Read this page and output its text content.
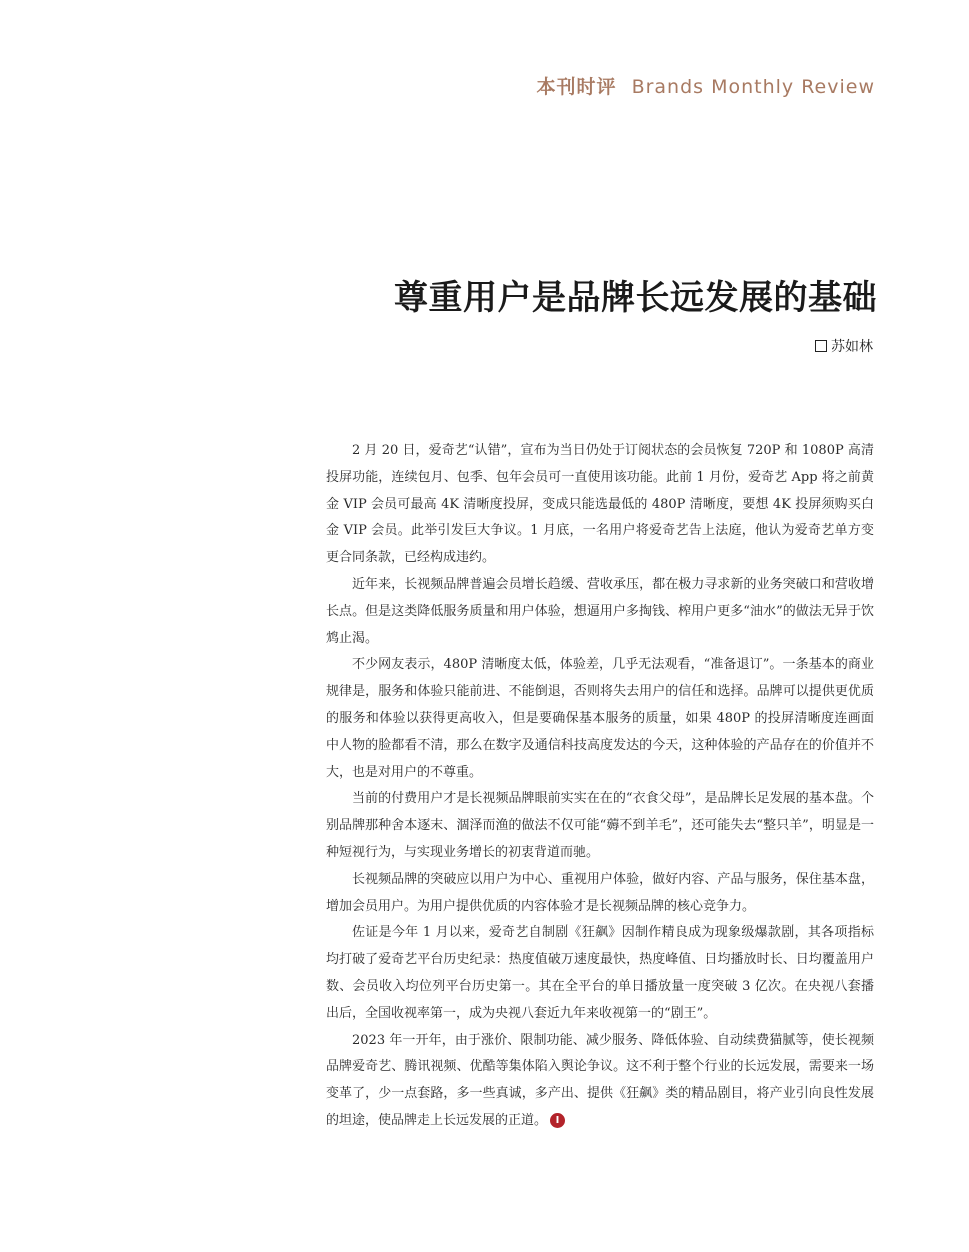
本刊时评 Brands Monthly Review
尊重用户是品牌长远发展的基础
苏如林

2 月 20 日，爱奇艺“认错”，宣布为当日仍处于订阅状态的会员恢复 720P 和 1080P 高清投屏功能，连续包月、包季、包年会员可一直使用该功能。此前 1 月份，爱奇艺 App 将之前黄金 VIP 会员可最高 4K 清晰度投屏，变成只能选最低的 480P 清晰度，要想 4K 投屏须购买白金 VIP 会员。此举引发巨大争议。1 月底，一名用户将爱奇艺告上法庭，他认为爱奇艺单方变更合同条款，已经构成违约。

近年来，长视频品牌普遍会员增长趋缓、营收承压，都在极力寻求新的业务突破口和营收增长点。但是这类降低服务质量和用户体验，想逼用户多掏钱、榨用户更多“油水”的做法无异于饮鸩止渴。

不少网友表示，480P 清晰度太低，体验差，几乎无法观看，“准备退订”。一条基本的商业规律是，服务和体验只能前进、不能倒退，否则将失去用户的信任和选择。品牌可以提供更优质的服务和体验以获得更高收入，但是要确保基本服务的质量，如果 480P 的投屏清晰度连画面中人物的脸都看不清，那么在数字及通信科技高度发达的今天，这种体验的产品存在的价值并不大，也是对用户的不尊重。

当前的付费用户才是长视频品牌眼前实实在在的“衣食父母”，是品牌长足发展的基本盘。个别品牌那种舍本逐末、涸泽而渔的做法不仅可能“薅不到羊毛”，还可能失去“整只羊”，明显是一种短视行为，与实现业务增长的初衷背道而驰。

长视频品牌的突破应以用户为中心、重视用户体验，做好内容、产品与服务，保住基本盘，增加会员用户。为用户提供优质的内容体验才是长视频品牌的核心竞争力。

佐证是今年 1 月以来，爱奇艺自制剧《狂飙》因制作精良成为现象级爆款剧，其各项指标均打破了爱奇艺平台历史纪录：热度值破万速度最快，热度峰值、日均播放时长、日均覆盖用户数、会员收入均位列平台历史第一。其在全平台的单日播放量一度突破 3 亿次。在央视八套播出后，全国收视率第一，成为央视八套近九年来收视第一的“剧王”。

2023 年一开年，由于涨价、限制功能、减少服务、降低体验、自动续费猫腻等，使长视频品牌爱奇艺、腾讯视频、优酷等集体陷入舆论争议。这不利于整个行业的长远发展，需要来一场变革了，少一点套路，多一些真诚，多产出、提供《狂飙》类的精品剧目，将产业引向良性发展的坦途，使品牌走上长远发展的正道。 I
